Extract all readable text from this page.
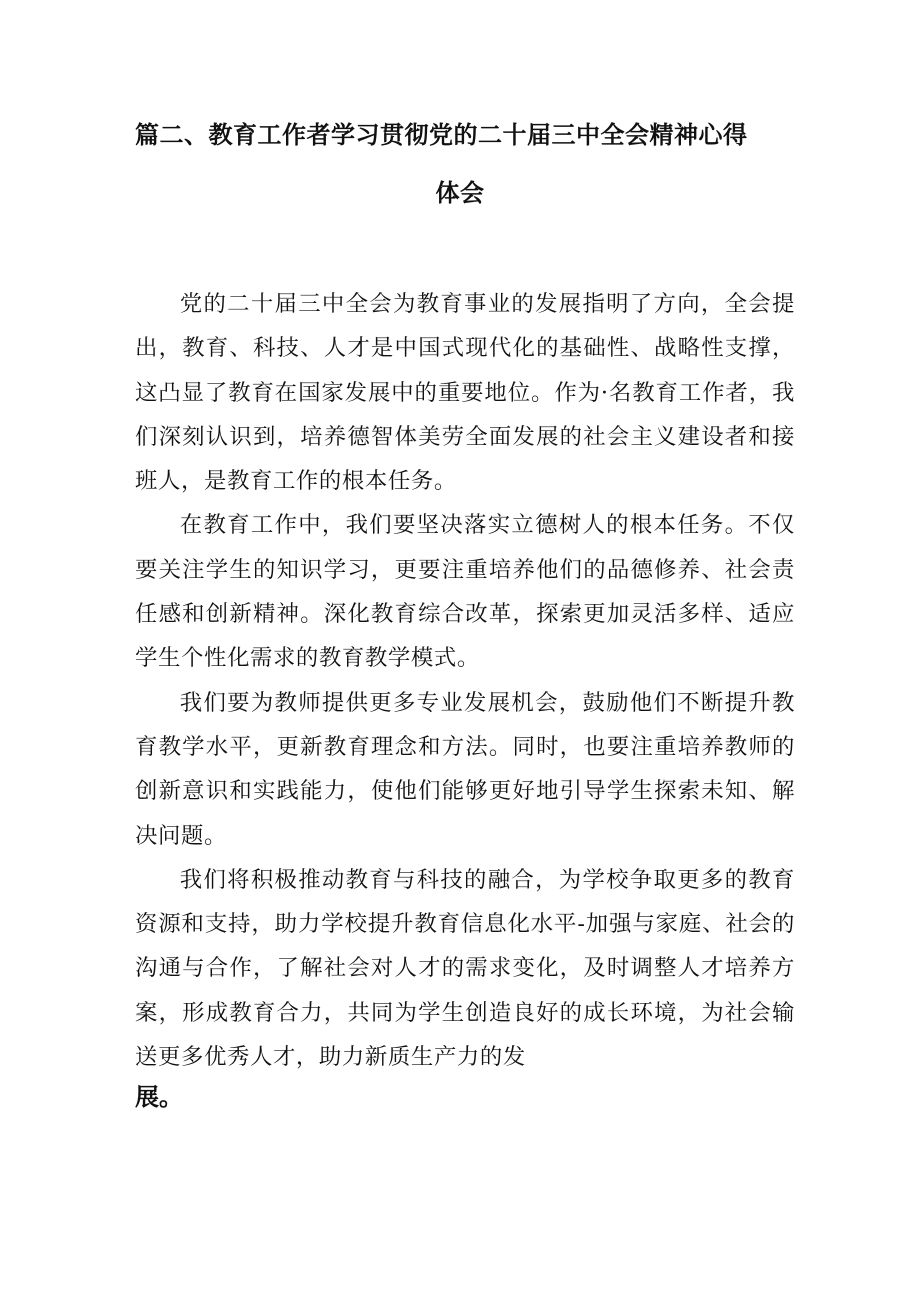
篇二、教育工作者学习贯彻党的二十届三中全会精神心得
体会

党的二十届三中全会为教育事业的发展指明了方向，全会提出，教育、科技、人才是中国式现代化的基础性、战略性支撑，这凸显了教育在国家发展中的重要地位。作为·名教育工作者，我们深刻认识到，培养德智体美劳全面发展的社会主义建设者和接班人，是教育工作的根本任务。

在教育工作中，我们要坚决落实立德树人的根本任务。不仅要关注学生的知识学习，更要注重培养他们的品德修养、社会责任感和创新精神。深化教育综合改革，探索更加灵活多样、适应学生个性化需求的教育教学模式。

我们要为教师提供更多专业发展机会，鼓励他们不断提升教育教学水平，更新教育理念和方法。同时，也要注重培养教师的创新意识和实践能力，使他们能够更好地引导学生探索未知、解决问题。

我们将积极推动教育与科技的融合，为学校争取更多的教育资源和支持，助力学校提升教育信息化水平-加强与家庭、社会的沟通与合作，了解社会对人才的需求变化，及时调整人才培养方案，形成教育合力，共同为学生创造良好的成长环境，为社会输送更多优秀人才，助力新质生产力的发

展。
